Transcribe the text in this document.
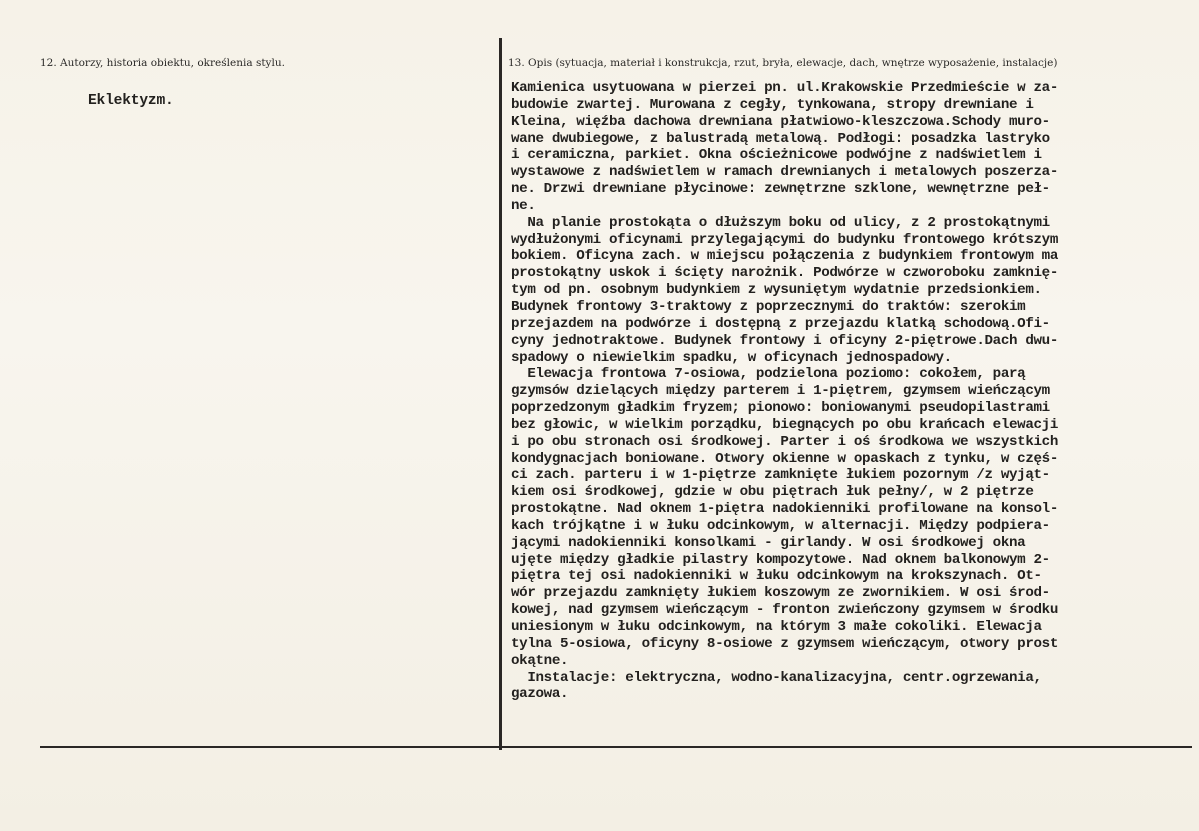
12. Autorzy, historia obiektu, określenia stylu.	13. Opis (sytuacja, materiał i konstrukcja, rzut, bryła, elewacje, dach, wnętrze wyposażenie, instalacje)
Eklektyzm.
Kamienica usytuowana w pierzei pn. ul.Krakowskie Przedmieście w za-
budowie zwartej. Murowana z cegły, tynkowana, stropy drewniane i
Kleina, więźba dachowa drewniana płatwiowo-kleszczowa.Schody muro-
wane dwubiegowe, z balustradą metalową. Podłogi: posadzka lastryko
i ceramiczna, parkiet. Okna ościeżnicowe podwójne z nadświetlem i
wystawowe z nadświetlem w ramach drewnianych i metalowych poszerza-
ne. Drzwi drewniane płycinowe: zewnętrzne szklone, wewnętrzne peł-
ne.
Na planie prostokąta o dłuższym boku od ulicy, z 2 prostokątnymi
wydłużonymi oficynami przylegającymi do budynku frontowego krótszym
bokiem. Oficyna zach. w miejscu połączenia z budynkiem frontowym ma
prostokątny uskok i ścięty narożnik. Podwórze w czworoboku zamknię-
tym od pn. osobnym budynkiem z wysuniętym wydatnie przedsionkiem.
Budynek frontowy 3-traktowy z poprzecznymi do traktów: szerokim
przejazdem na podwórze i dostępną z przejazdu klatką schodową.Ofi-
cyny jednotraktowe. Budynek frontowy i oficyny 2-piętrowe.Dach dwu-
spadowy o niewielkim spadku, w oficynach jednospadowy.
Elewacja frontowa 7-osiowa, podzielona poziomo: cokołem, parą
gzymsów dzielących między parterem i 1-piętrem, gzymsem wieńczącym
poprzedzonym gładkim fryzem; pionowo: boniowanymi pseudopilastrami
bez głowic, w wielkim porządku, biegnących po obu krańcach elewacji
i po obu stronach osi środkowej. Parter i oś środkowa we wszystkich
kondygnacjach boniowane. Otwory okienne w opaskach z tynku, w częś-
ci zach. parteru i w 1-piętrze zamknięte łukiem pozornym /z wyjąt-
kiem osi środkowej, gdzie w obu piętrach łuk pełny/, w 2 piętrze
prostokątne. Nad oknem 1-piętra nadokienniki profilowane na konsol-
kach trójkątne i w łuku odcinkowym, w alternacji. Między podpiera-
jącymi nadokienniki konsolkami - girlandy. W osi środkowej okna
ujęte między gładkie pilastry kompozytowe. Nad oknem balkonowym 2-
piętra tej osi nadokienniki w łuku odcinkowym na krokszynach. Ot-
wór przejazdu zamknięty łukiem koszowym ze zwornikiem. W osi środ-
kowej, nad gzymsem wieńczącym - fronton zwieńczony gzymsem w środku
uniesionym w łuku odcinkowym, na którym 3 małe cokoliki. Elewacja
tylna 5-osiowa, oficyny 8-osiowe z gzymsem wieńczącym, otwory prost
okątne.
Instalacje: elektryczna, wodno-kanalizacyjna, centr.ogrzewania,
gazowa.
